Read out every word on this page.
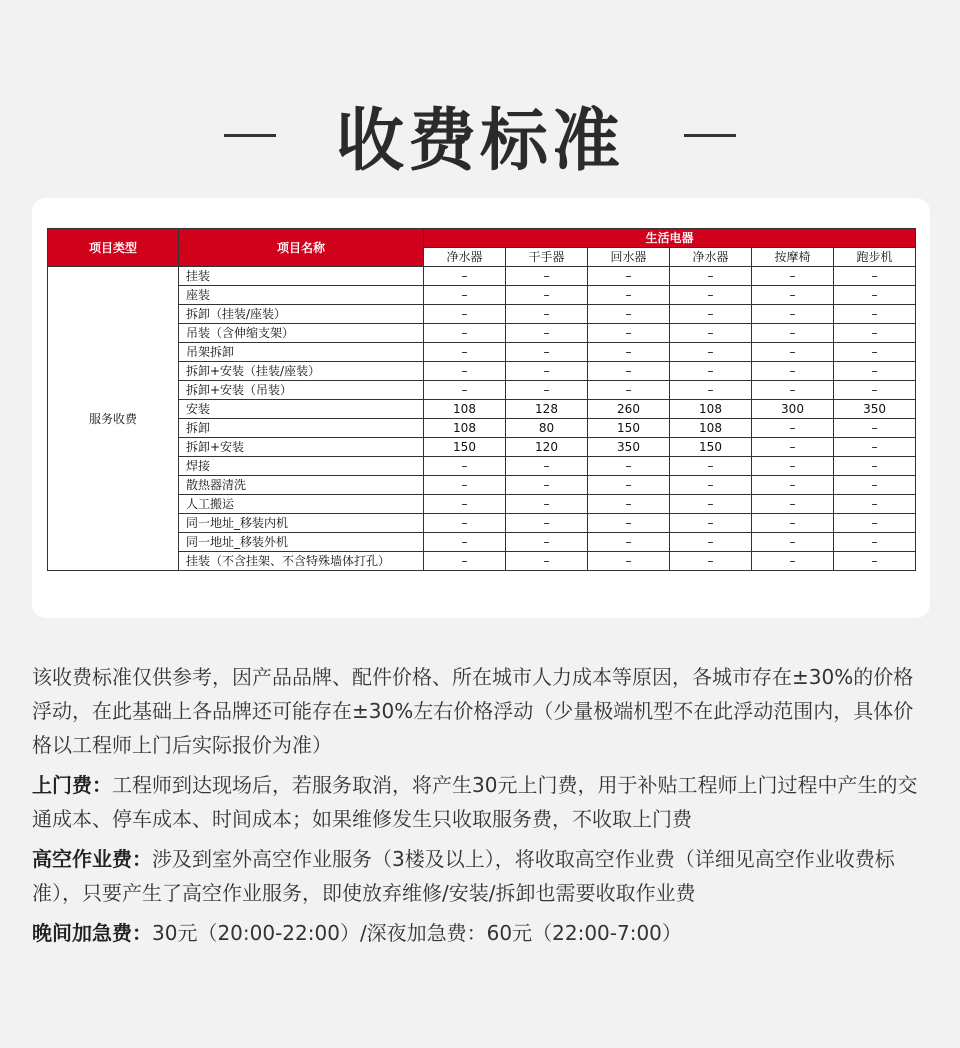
收费标准
项目类型	项目名称	生活电器					
		净水器	干手器	回水器	净水器	按摩椅	跑步机
服务收费	挂装	–	–	–	–	–	–
	座装	–	–	–	–	–	–
	拆卸（挂装/座装）	–	–	–	–	–	–
	吊装（含伸缩支架）	–	–	–	–	–	–
	吊架拆卸	–	–	–	–	–	–
	拆卸+安装（挂装/座装）	–	–	–	–	–	–
	拆卸+安装（吊装）	–	–	–	–	–	–
	安装	108	128	260	108	300	350
	拆卸	108	80	150	108	–	–
	拆卸+安装	150	120	350	150	–	–
	焊接	–	–	–	–	–	–
	散热器清洗	–	–	–	–	–	–
	人工搬运	–	–	–	–	–	–
	同一地址_移装内机	–	–	–	–	–	–
	同一地址_移装外机	–	–	–	–	–	–
	挂装（不含挂架、不含特殊墙体打孔）	–	–	–	–	–	–

该收费标准仅供参考，因产品品牌、配件价格、所在城市人力成本等原因，各城市存在±30%的价格浮动，在此基础上各品牌还可能存在±30%左右价格浮动（少量极端机型不在此浮动范围内，具体价格以工程师上门后实际报价为准）

上门费：工程师到达现场后，若服务取消，将产生30元上门费，用于补贴工程师上门过程中产生的交通成本、停车成本、时间成本；如果维修发生只收取服务费，不收取上门费

高空作业费：涉及到室外高空作业服务（3楼及以上），将收取高空作业费（详细见高空作业收费标准），只要产生了高空作业服务，即使放弃维修/安装/拆卸也需要收取作业费

晚间加急费：30元（20:00-22:00）/深夜加急费：60元（22:00-7:00）
